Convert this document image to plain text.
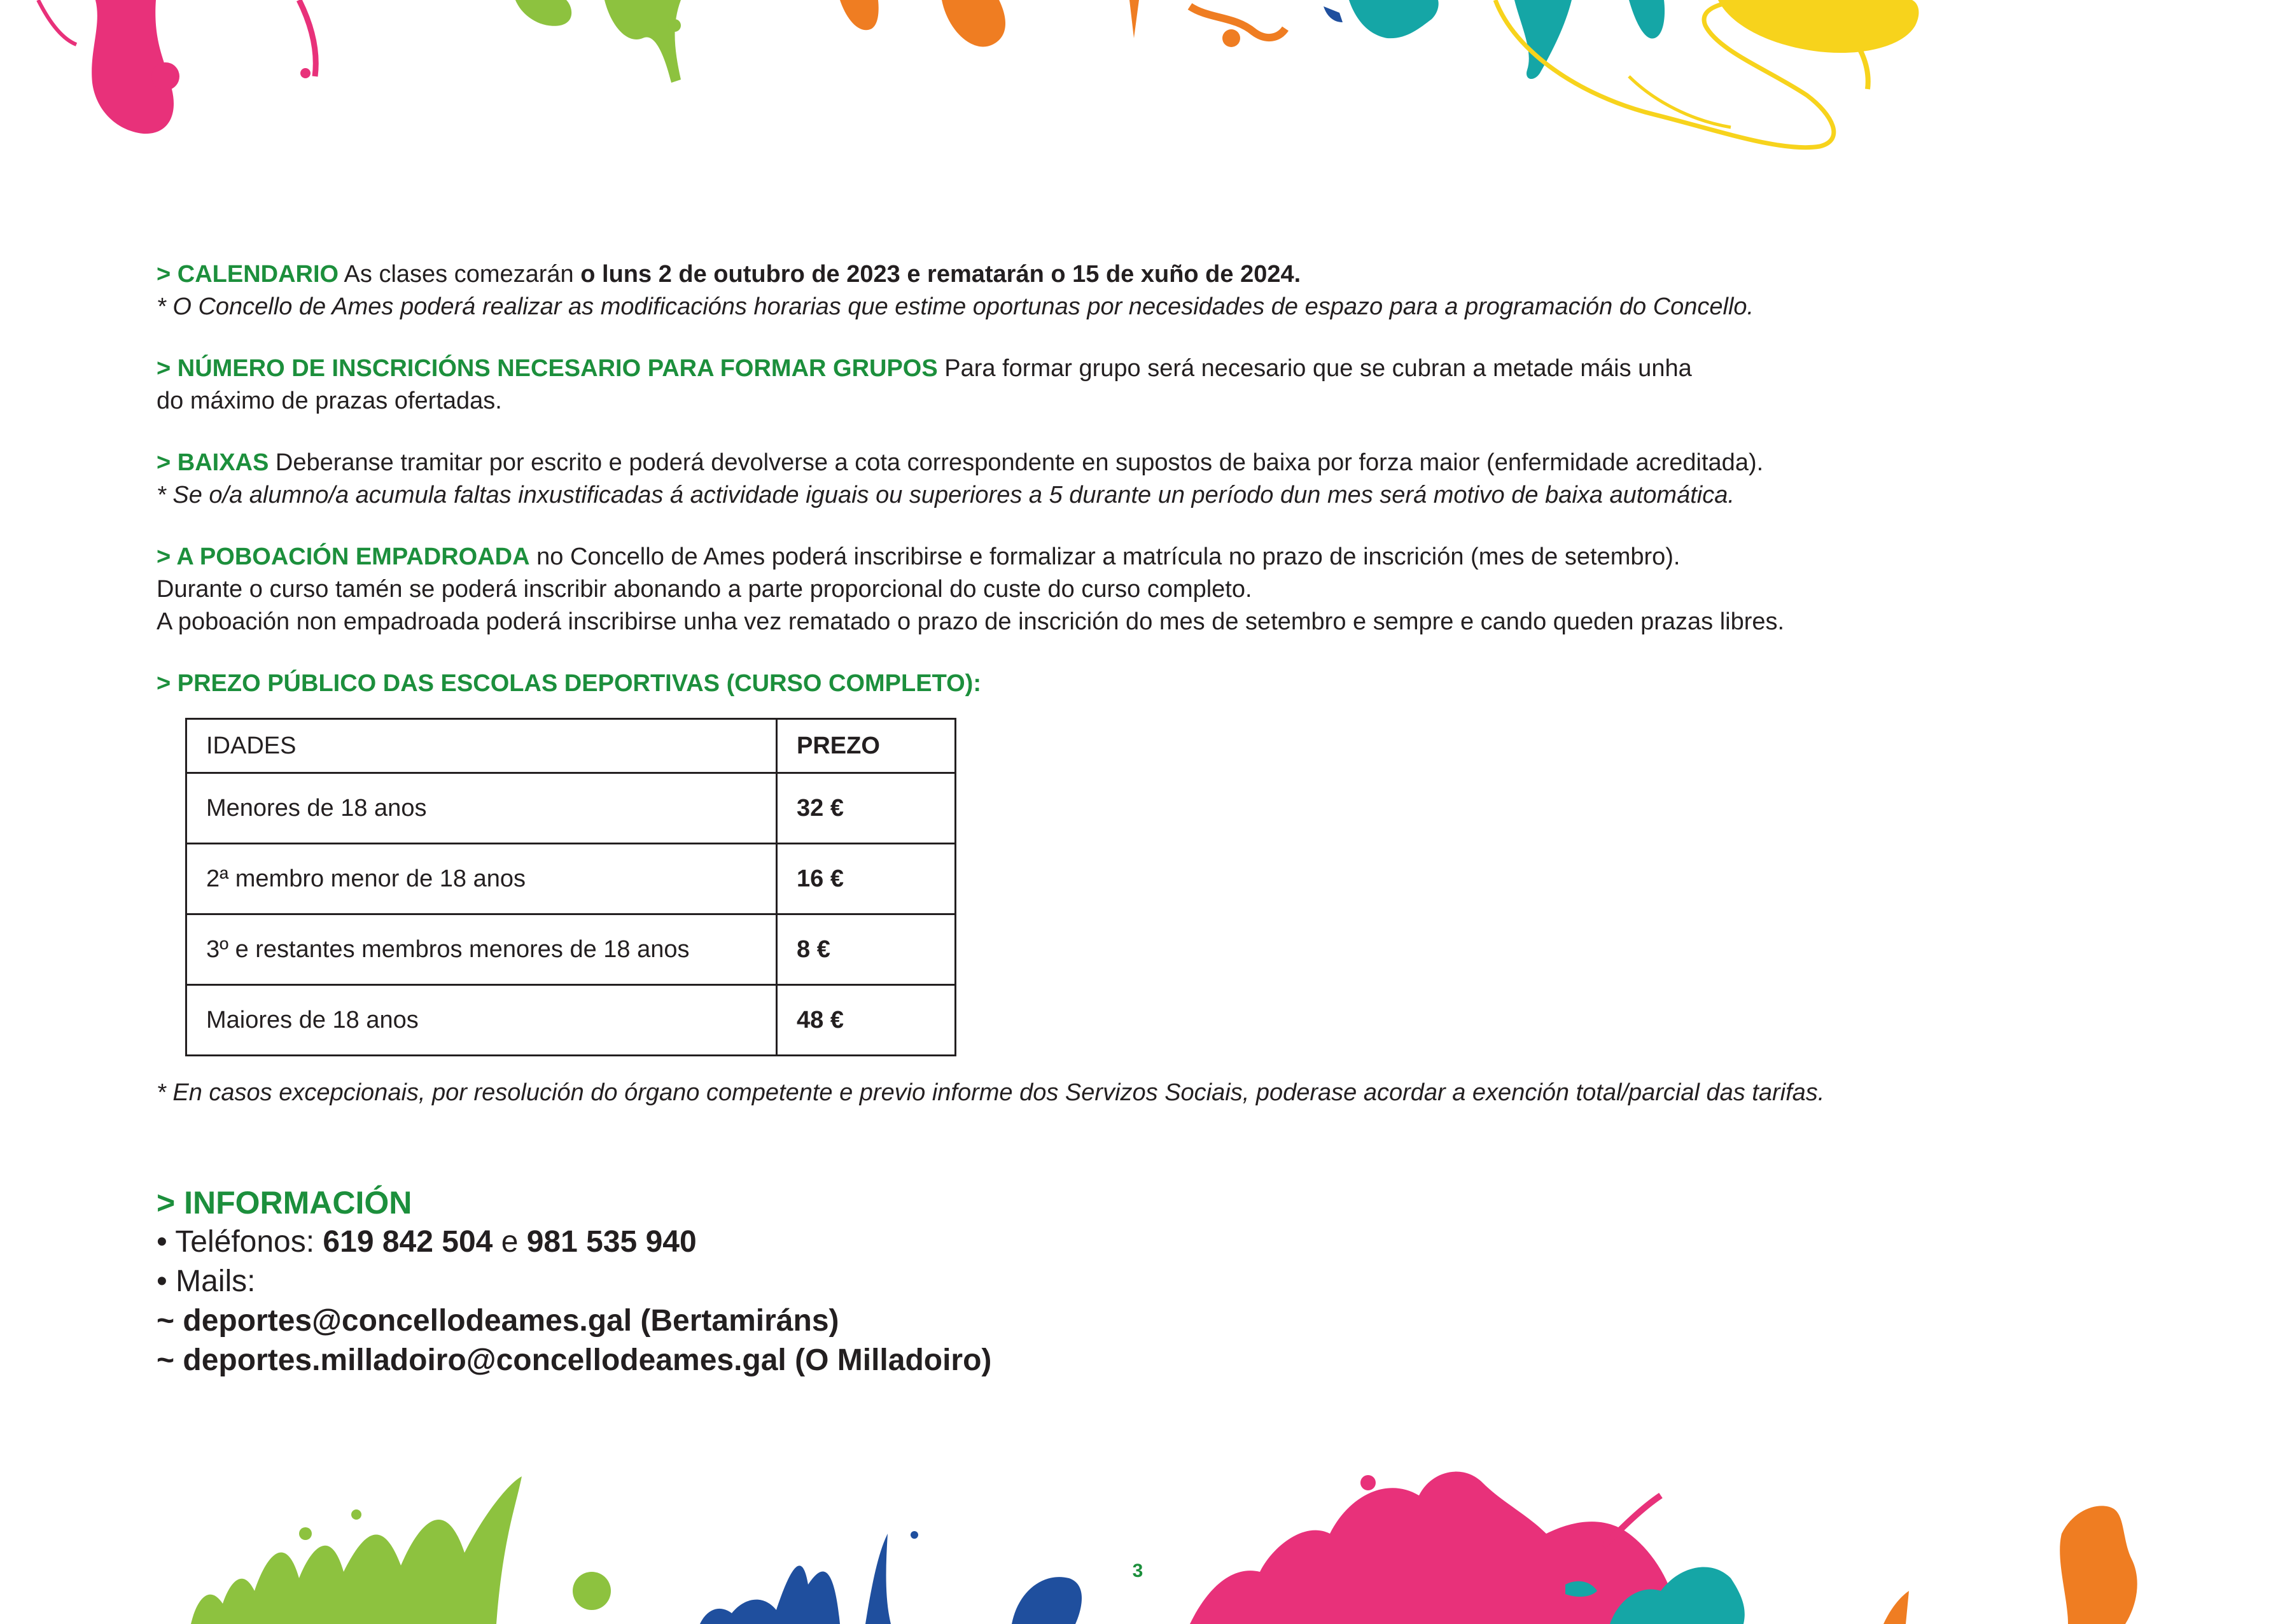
> CALENDARIO As clases comezarán o luns 2 de outubro de 2023 e rematarán o 15 de xuño de 2024.

* O Concello de Ames poderá realizar as modificacións horarias que estime oportunas por necesidades de espazo para a programación do Concello.

> NÚMERO DE INSCRICIÓNS NECESARIO PARA FORMAR GRUPOS Para formar grupo será necesario que se cubran a metade máis unha

do máximo de prazas ofertadas.

> BAIXAS Deberanse tramitar por escrito e poderá devolverse a cota correspondente en supostos de baixa por forza maior (enfermidade acreditada).

* Se o/a alumno/a acumula faltas inxustificadas á actividade iguais ou superiores a 5 durante un período dun mes será motivo de baixa automática.

> A POBOACIÓN EMPADROADA no Concello de Ames poderá inscribirse e formalizar a matrícula no prazo de inscrición (mes de setembro).

Durante o curso tamén se poderá inscribir abonando a parte proporcional do custe do curso completo.

A poboación non empadroada poderá inscribirse unha vez rematado o prazo de inscrición do mes de setembro e sempre e cando queden prazas libres.

> PREZO PÚBLICO DAS ESCOLAS DEPORTIVAS (CURSO COMPLETO):

IDADES	PREZO
Menores de 18 anos	32 €
2ª membro menor de 18 anos	16 €
3º e restantes membros menores de 18 anos	8 €
Maiores de 18 anos	48 €

* En casos excepcionais, por resolución do órgano competente e previo informe dos Servizos Sociais, poderase acordar a exención total/parcial das tarifas.

> INFORMACIÓN

• Teléfonos: 619 842 504 e 981 535 940

• Mails:

~ deportes@concellodeames.gal (Bertamiráns)

~ deportes.milladoiro@concellodeames.gal (O Milladoiro)

3
